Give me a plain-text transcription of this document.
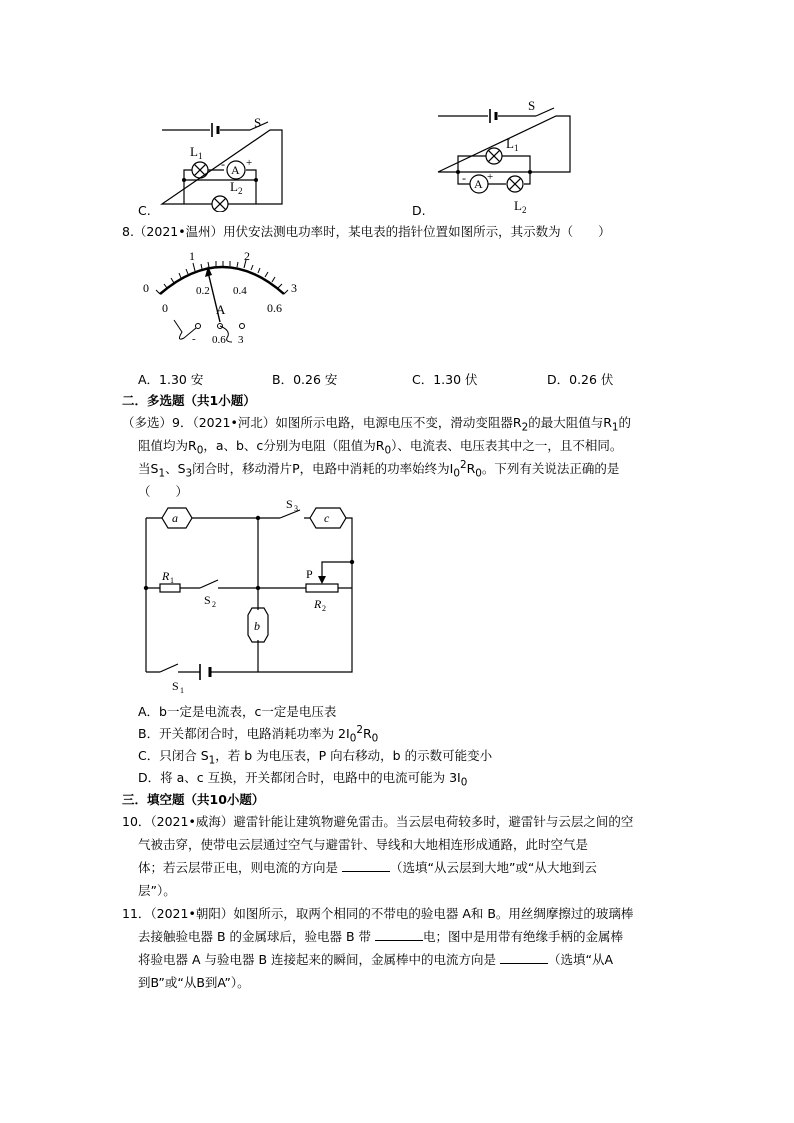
S
L 1
A
- +
L 2
C.
S
L 1
A
- +
L 2
D.
8.（2021•温州）用伏安法测电功率时，某电表的指针位置如图所示，其示数为（　　）
0
1	2
3
0
0.2 0.4
0.6
A
- 0.6 3
A．1.30 安	B．0.26 安	C．1.30 伏	D．0.26 伏
二．多选题（共1小题）
（多选）9．（2021•河北）如图所示电路，电源电压不变，滑动变阻器$R_2$的最大阻值与$R_1$的
阻值均为$R_0$，a、b、c分别为电阻（阻值为$R_0$）、电流表、电压表其中之一，且不相同。
当$S_1$、$S_3$闭合时，移动滑片P，电路中消耗的功率始终为$I_0^2R_0$。下列有关说法正确的是
（　　）
a	c
b
R 1
R 2
P
S 3
S 2
S 1
A．b一定是电流表，c一定是电压表
B．开关都闭合时，电路消耗功率为 $2I_0^2R_0$
C．只闭合 $S_1$，若 b 为电压表，P 向右移动，b 的示数可能变小
D．将 a、c 互换，开关都闭合时，电路中的电流可能为 $3I_0$
三．填空题（共10小题）
10．（2021•威海）避雷针能让建筑物避免雷击。当云层电荷较多时，避雷针与云层之间的空
气被击穿，使带电云层通过空气与避雷针、导线和大地相连形成通路，此时空气是
体；若云层带正电，则电流的方向是	（选填“从云层到大地”或“从大地到云
层”）。
11．（2021•朝阳）如图所示，取两个相同的不带电的验电器 A和 B。用丝绸摩擦过的玻璃棒
去接触验电器 B 的金属球后，验电器 B 带	电；图中是用带有绝缘手柄的金属棒
将验电器 A 与验电器 B 连接起来的瞬间，金属棒中的电流方向是	（选填“从A
到B”或“从B到A”）。
